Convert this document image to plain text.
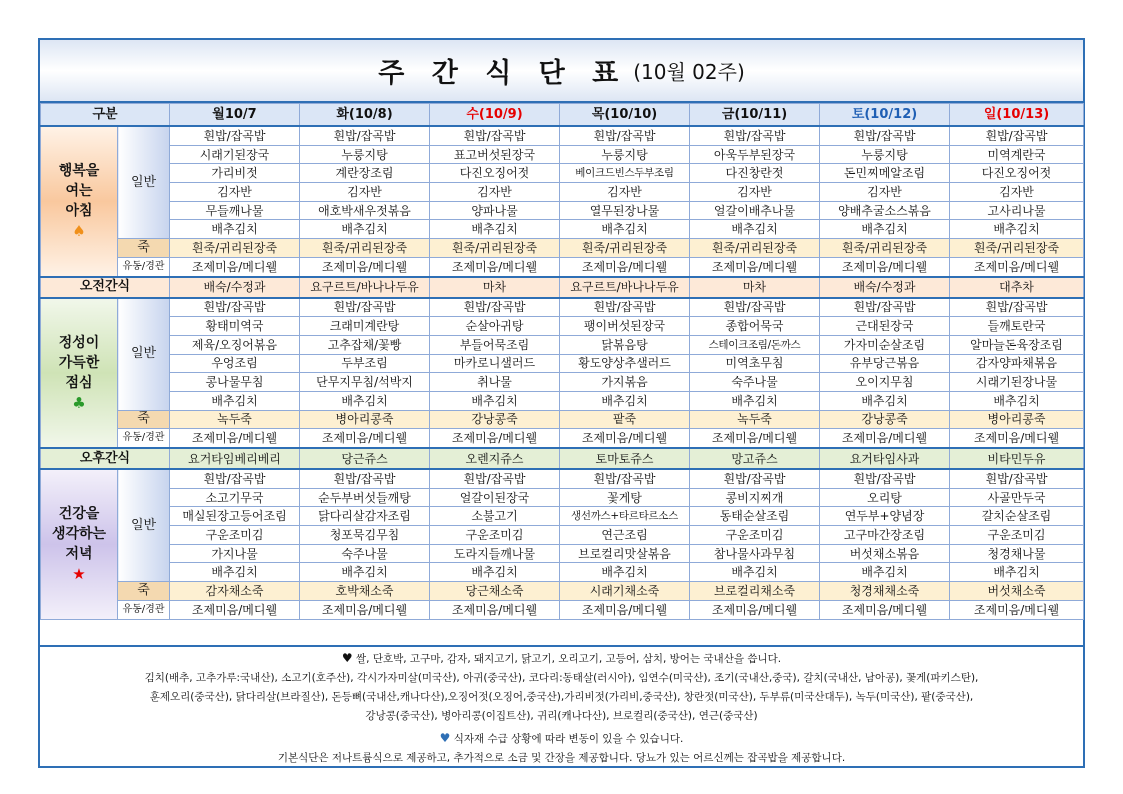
주 간 식 단 표 (10월 02주)
구분		월10/7	화(10/8)	수(10/9)	목(10/10)	금(10/11)	토(10/12)	일(10/13)

행복을
여는
아침
♠	일반	흰밥/잡곡밥	흰밥/잡곡밥	흰밥/잡곡밥	흰밥/잡곡밥	흰밥/잡곡밥	흰밥/잡곡밥	흰밥/잡곡밥
		시래기된장국	누룽지탕	표고버섯된장국	누룽지탕	아욱두부된장국	누룽지탕	미역계란국
		가리비젓	계란장조림	다진오징어젓	베이크드빈스두부조림	다진창란젓	돈민찌메알조림	다진오징어젓
		김자반	김자반	김자반	김자반	김자반	김자반	김자반
		무들깨나물	애호박새우젓볶음	양파나물	열무된장나물	얼갈이배추나물	양배추굴소스볶음	고사리나물
		배추김치	배추김치	배추김치	배추김치	배추김치	배추김치	배추김치
	죽	흰죽/귀리된장죽	흰죽/귀리된장죽	흰죽/귀리된장죽	흰죽/귀리된장죽	흰죽/귀리된장죽	흰죽/귀리된장죽	흰죽/귀리된장죽
	유동/경관	조제미음/메디웰	조제미음/메디웰	조제미음/메디웰	조제미음/메디웰	조제미음/메디웰	조제미음/메디웰	조제미음/메디웰
오전간식		배숙/수정과	요구르트/바나나두유	마차	요구르트/바나나두유	마차	배숙/수정과	대추차

정성이
가득한
점심
♣	일반	흰밥/잡곡밥	흰밥/잡곡밥	흰밥/잡곡밥	흰밥/잡곡밥	흰밥/잡곡밥	흰밥/잡곡밥	흰밥/잡곡밥
		황태미역국	크래미계란탕	순살아귀탕	팽이버섯된장국	종합어묵국	근대된장국	들깨토란국
		제육/오징어볶음	고추잡채/꽃빵	부들어묵조림	닭볶음탕	스테이크조림/돈까스	가자미순살조림	알마늘돈육장조림
		우엉조림	두부조림	마카로니샐러드	황도양상추샐러드	미역초무침	유부당근볶음	감자양파채볶음
		콩나물무침	단무지무침/석박지	취나물	가지볶음	숙주나물	오이지무침	시래기된장나물
		배추김치	배추김치	배추김치	배추김치	배추김치	배추김치	배추김치
	죽	녹두죽	병아리콩죽	강낭콩죽	팥죽	녹두죽	강낭콩죽	병아리콩죽
	유동/경관	조제미음/메디웰	조제미음/메디웰	조제미음/메디웰	조제미음/메디웰	조제미음/메디웰	조제미음/메디웰	조제미음/메디웰
오후간식		요거타임베리베리	당근쥬스	오렌지쥬스	토마토쥬스	망고쥬스	요거타임사과	비타민두유

건강을
생각하는
저녁
★	일반	흰밥/잡곡밥	흰밥/잡곡밥	흰밥/잡곡밥	흰밥/잡곡밥	흰밥/잡곡밥	흰밥/잡곡밥	흰밥/잡곡밥
		소고기무국	순두부버섯들깨탕	얼갈이된장국	꽃게탕	콩비지찌개	오리탕	사골만두국
		매실된장고등어조림	닭다리살감자조림	소불고기	생선까스+타르타르소스	동태순살조림	연두부+양념장	갈치순살조림
		구운조미김	청포묵김무침	구운조미김	연근조림	구운조미김	고구마간장조림	구운조미김
		가지나물	숙주나물	도라지들깨나물	브로컬리맛살볶음	참나물사과무침	버섯채소볶음	청경채나물
		배추김치	배추김치	배추김치	배추김치	배추김치	배추김치	배추김치
	죽	감자채소죽	호박채소죽	당근채소죽	시래기채소죽	브로컬리채소죽	청경채채소죽	버섯채소죽
	유동/경관	조제미음/메디웰	조제미음/메디웰	조제미음/메디웰	조제미음/메디웰	조제미음/메디웰	조제미음/메디웰	조제미음/메디웰
♥ 쌀, 단호박, 고구마, 감자, 돼지고기, 닭고기, 오리고기, 고등어, 삼치, 방어는 국내산을 씁니다.
김치(배추, 고추가루:국내산), 소고기(호주산), 각시가자미살(미국산), 아귀(중국산), 코다리:동태살(러시아), 임연수(미국산), 조기(국내산,중국), 갈치(국내산, 남아공), 꽃게(파키스탄),
훈제오리(중국산), 닭다리살(브라질산), 돈등뼈(국내산,캐나다산),오징어젓(오징어,중국산),가리비젓(가리비,중국산), 창란젓(미국산), 두부류(미국산대두), 녹두(미국산), 팥(중국산),
강낭콩(중국산), 병아리콩(이집트산), 귀리(캐나다산), 브로컬리(중국산), 연근(중국산)
♥ 식자재 수급 상황에 따라 변동이 있을 수 있습니다.
기본식단은 저나트륨식으로 제공하고, 추가적으로 소금 및 간장을 제공합니다. 당뇨가 있는 어르신께는 잡곡밥을 제공합니다.
